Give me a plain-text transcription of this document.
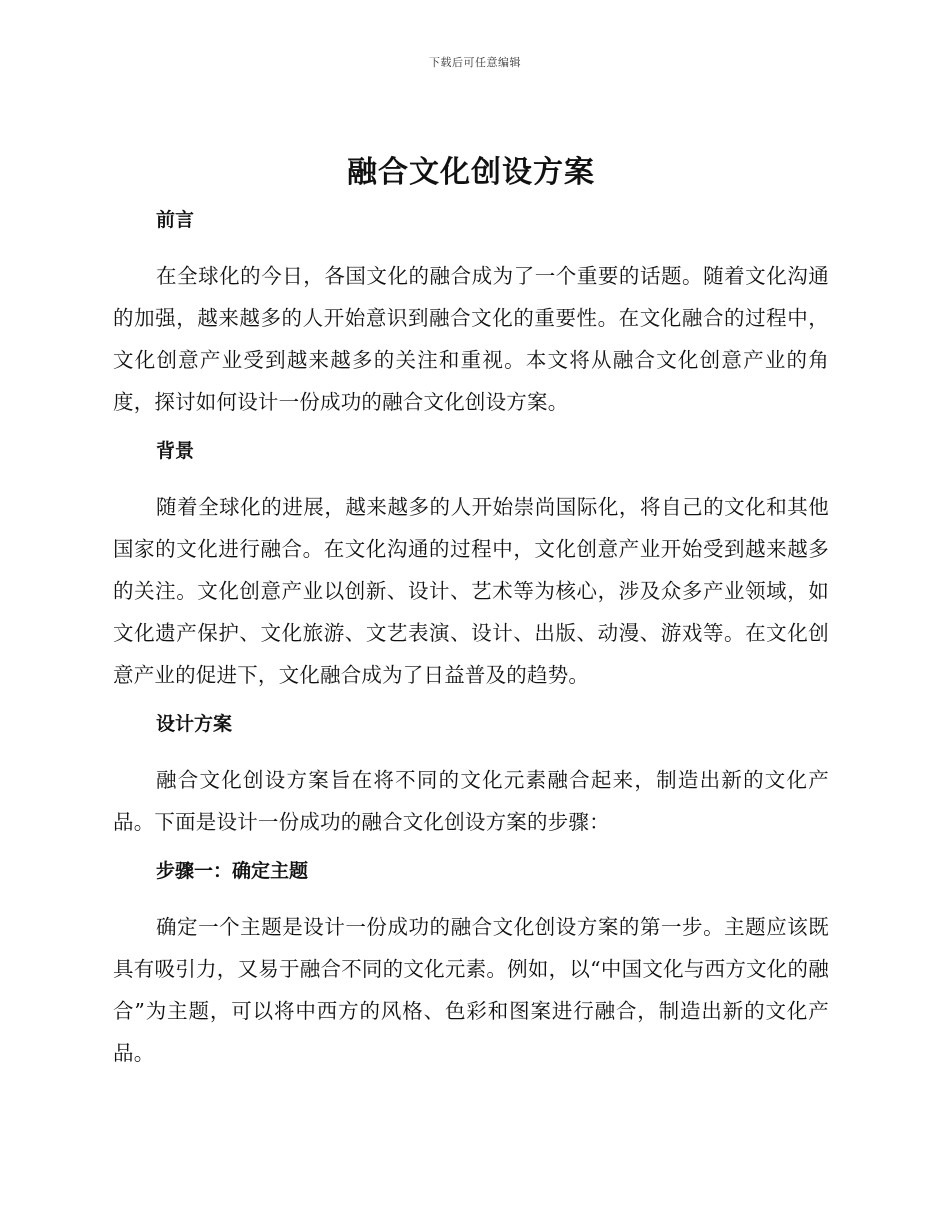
下载后可任意编辑
融合文化创设方案
前言

在全球化的今日，各国文化的融合成为了一个重要的话题。随着文化沟通的加强，越来越多的人开始意识到融合文化的重要性。在文化融合的过程中，文化创意产业受到越来越多的关注和重视。本文将从融合文化创意产业的角度，探讨如何设计一份成功的融合文化创设方案。

背景

随着全球化的进展，越来越多的人开始崇尚国际化，将自己的文化和其他国家的文化进行融合。在文化沟通的过程中，文化创意产业开始受到越来越多的关注。文化创意产业以创新、设计、艺术等为核心，涉及众多产业领域，如文化遗产保护、文化旅游、文艺表演、设计、出版、动漫、游戏等。在文化创意产业的促进下，文化融合成为了日益普及的趋势。

设计方案

融合文化创设方案旨在将不同的文化元素融合起来，制造出新的文化产品。下面是设计一份成功的融合文化创设方案的步骤：

步骤一：确定主题

确定一个主题是设计一份成功的融合文化创设方案的第一步。主题应该既具有吸引力，又易于融合不同的文化元素。例如，以“中国文化与西方文化的融合”为主题，可以将中西方的风格、色彩和图案进行融合，制造出新的文化产品。
